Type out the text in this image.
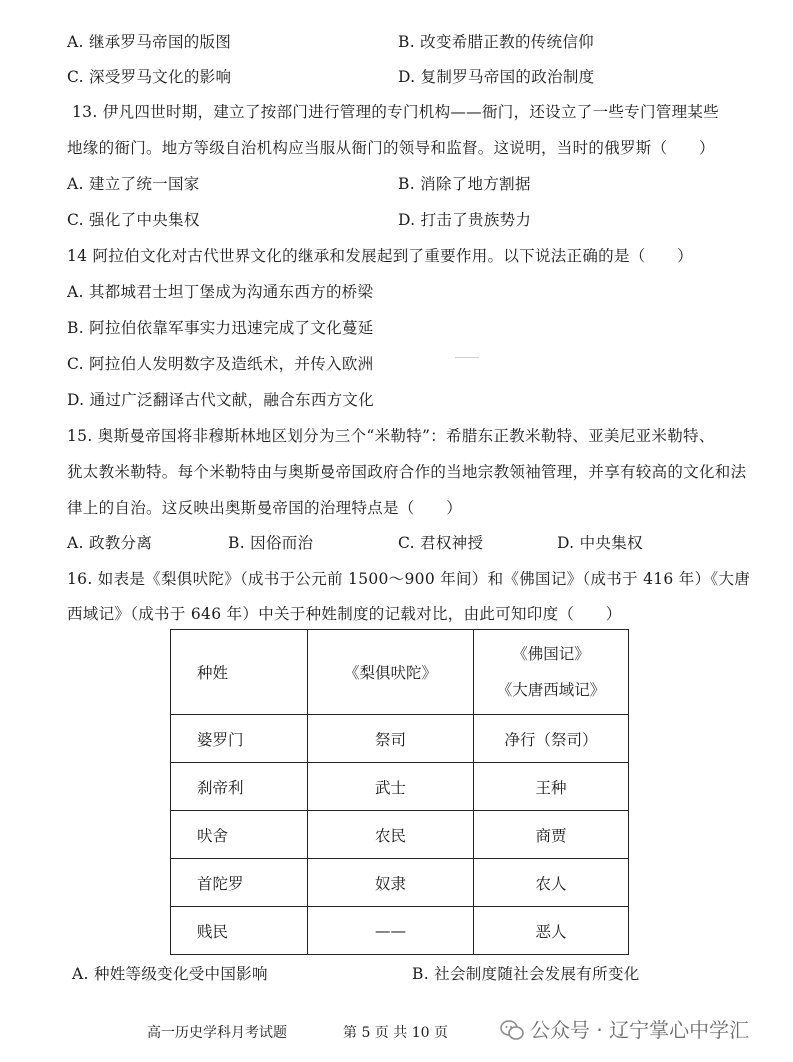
A. 继承罗马帝国的版图	B. 改变希腊正教的传统信仰
C. 深受罗马文化的影响	D. 复制罗马帝国的政治制度
13. 伊凡四世时期，建立了按部门进行管理的专门机构——衙门，还设立了一些专门管理某些
地缘的衙门。地方等级自治机构应当服从衙门的领导和监督。这说明，当时的俄罗斯（　　）
A. 建立了统一国家	B. 消除了地方割据
C. 强化了中央集权	D. 打击了贵族势力
14 阿拉伯文化对古代世界文化的继承和发展起到了重要作用。以下说法正确的是（　　）
A. 其都城君士坦丁堡成为沟通东西方的桥梁
B. 阿拉伯依靠军事实力迅速完成了文化蔓延
C. 阿拉伯人发明数字及造纸术，并传入欧洲
D. 通过广泛翻译古代文献，融合东西方文化
15. 奥斯曼帝国将非穆斯林地区划分为三个“米勒特”：希腊东正教米勒特、亚美尼亚米勒特、
犹太教米勒特。每个米勒特由与奥斯曼帝国政府合作的当地宗教领袖管理，并享有较高的文化和法
律上的自治。这反映出奥斯曼帝国的治理特点是（　　）
A. 政教分离	B. 因俗而治	C. 君权神授	D. 中央集权
16. 如表是《梨俱吠陀》（成书于公元前 1500～900 年间）和《佛国记》（成书于 416 年）《大唐
西域记》（成书于 646 年）中关于种姓制度的记载对比，由此可知印度（　　）
种姓	《梨俱吠陀》	《佛国记》
《大唐西域记》

婆罗门	祭司	净行（祭司）
刹帝利	武士	王种
吠舍	农民	商贾
首陀罗	奴隶	农人
贱民	——	恶人
A. 种姓等级变化受中国影响	B. 社会制度随社会发展有所变化
高一历史学科月考试题	第 5 页 共 10 页	公众号 · 辽宁掌心中学汇
